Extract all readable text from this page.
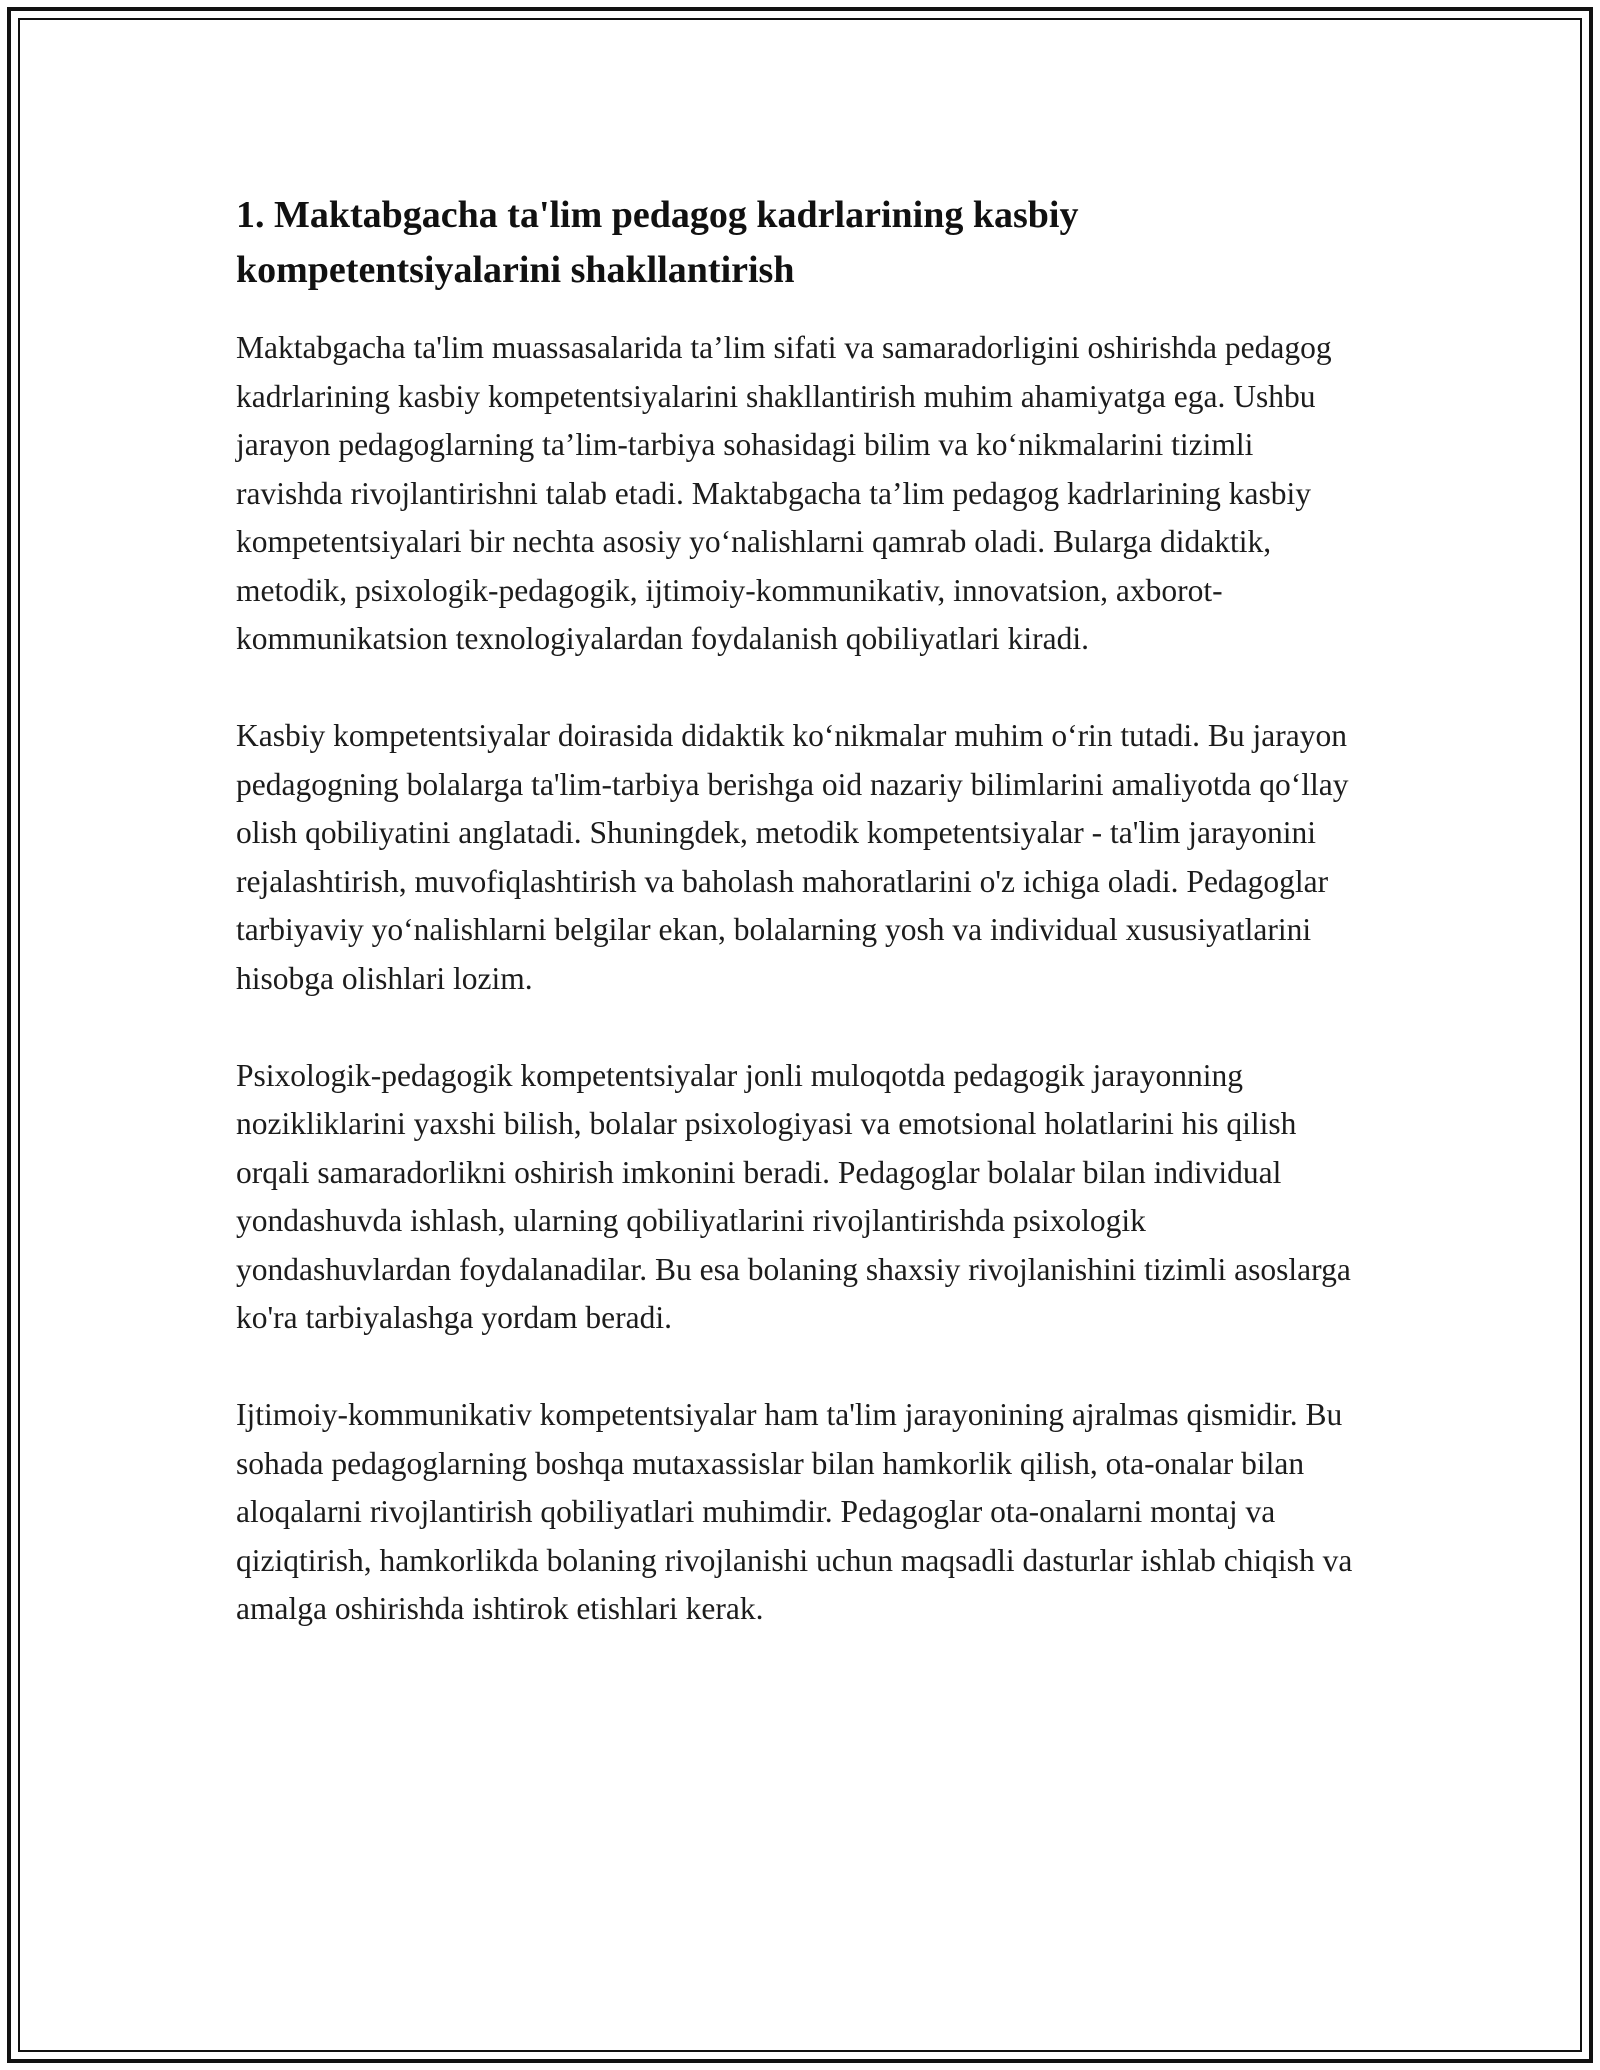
1. Maktabgacha ta'lim pedagog kadrlarining kasbiy kompetentsiyalarini shakllantirish

Maktabgacha ta'lim muassasalarida ta’lim sifati va samaradorligini oshirishda pedagog kadrlarining kasbiy kompetentsiyalarini shakllantirish muhim ahamiyatga ega. Ushbu jarayon pedagoglarning ta’lim-tarbiya sohasidagi bilim va ko‘nikmalarini tizimli ravishda rivojlantirishni talab etadi. Maktabgacha ta’lim pedagog kadrlarining kasbiy kompetentsiyalari bir nechta asosiy yo‘nalishlarni qamrab oladi. Bularga didaktik, metodik, psixologik-pedagogik, ijtimoiy-kommunikativ, innovatsion, axborot-kommunikatsion texnologiyalardan foydalanish qobiliyatlari kiradi.

Kasbiy kompetentsiyalar doirasida didaktik ko‘nikmalar muhim o‘rin tutadi. Bu jarayon pedagogning bolalarga ta'lim-tarbiya berishga oid nazariy bilimlarini amaliyotda qo‘llay olish qobiliyatini anglatadi. Shuningdek, metodik kompetentsiyalar - ta'lim jarayonini rejalashtirish, muvofiqlashtirish va baholash mahoratlarini o'z ichiga oladi. Pedagoglar tarbiyaviy yo‘nalishlarni belgilar ekan, bolalarning yosh va individual xususiyatlarini hisobga olishlari lozim.

Psixologik-pedagogik kompetentsiyalar jonli muloqotda pedagogik jarayonning nozikliklarini yaxshi bilish, bolalar psixologiyasi va emotsional holatlarini his qilish orqali samaradorlikni oshirish imkonini beradi. Pedagoglar bolalar bilan individual yondashuvda ishlash, ularning qobiliyatlarini rivojlantirishda psixologik yondashuvlardan foydalanadilar. Bu esa bolaning shaxsiy rivojlanishini tizimli asoslarga ko'ra tarbiyalashga yordam beradi.

Ijtimoiy-kommunikativ kompetentsiyalar ham ta'lim jarayonining ajralmas qismidir. Bu sohada pedagoglarning boshqa mutaxassislar bilan hamkorlik qilish, ota-onalar bilan aloqalarni rivojlantirish qobiliyatlari muhimdir. Pedagoglar ota-onalarni montaj va qiziqtirish, hamkorlikda bolaning rivojlanishi uchun maqsadli dasturlar ishlab chiqish va amalga oshirishda ishtirok etishlari kerak.
